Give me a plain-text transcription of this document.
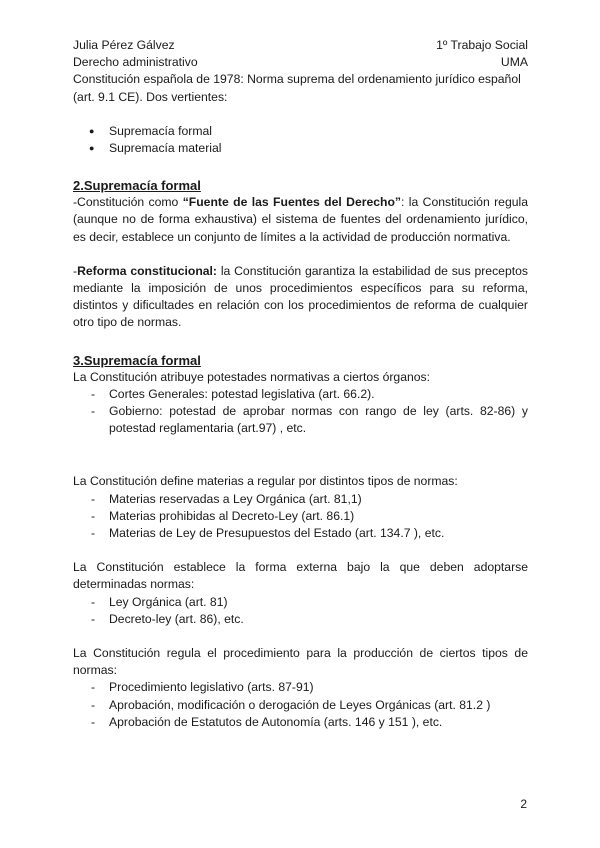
Julia Pérez Gálvez	1º Trabajo Social
Derecho administrativo	UMA

Constitución española de 1978: Norma suprema del ordenamiento jurídico español (art. 9.1 CE). Dos vertientes:

● Supremacía formal
● Supremacía material
2.Supremacía formal

-Constitución como “Fuente de las Fuentes del Derecho”: la Constitución regula (aunque no de forma exhaustiva) el sistema de fuentes del ordenamiento jurídico, es decir, establece un conjunto de límites a la actividad de producción normativa.

-Reforma constitucional: la Constitución garantiza la estabilidad de sus preceptos mediante la imposición de unos procedimientos específicos para su reforma, distintos y dificultades en relación con los procedimientos de reforma de cualquier otro tipo de normas.

3.Supremacía formal

La Constitución atribuye potestades normativas a ciertos órganos:

- Cortes Generales: potestad legislativa (art. 66.2).
- Gobierno: potestad de aprobar normas con rango de ley (arts. 82-86) y potestad reglamentaria (art.97) , etc.

La Constitución define materias a regular por distintos tipos de normas:

- Materias reservadas a Ley Orgánica (art. 81,1)
- Materias prohibidas al Decreto-Ley (art. 86.1)
- Materias de Ley de Presupuestos del Estado (art. 134.7 ), etc.

La Constitución establece la forma externa bajo la que deben adoptarse determinadas normas:

- Ley Orgánica (art. 81)
- Decreto-ley (art. 86), etc.

La Constitución regula el procedimiento para la producción de ciertos tipos de normas:

- Procedimiento legislativo (arts. 87-91)
- Aprobación, modificación o derogación de Leyes Orgánicas (art. 81.2 )
- Aprobación de Estatutos de Autonomía (arts. 146 y 151 ), etc.
2
